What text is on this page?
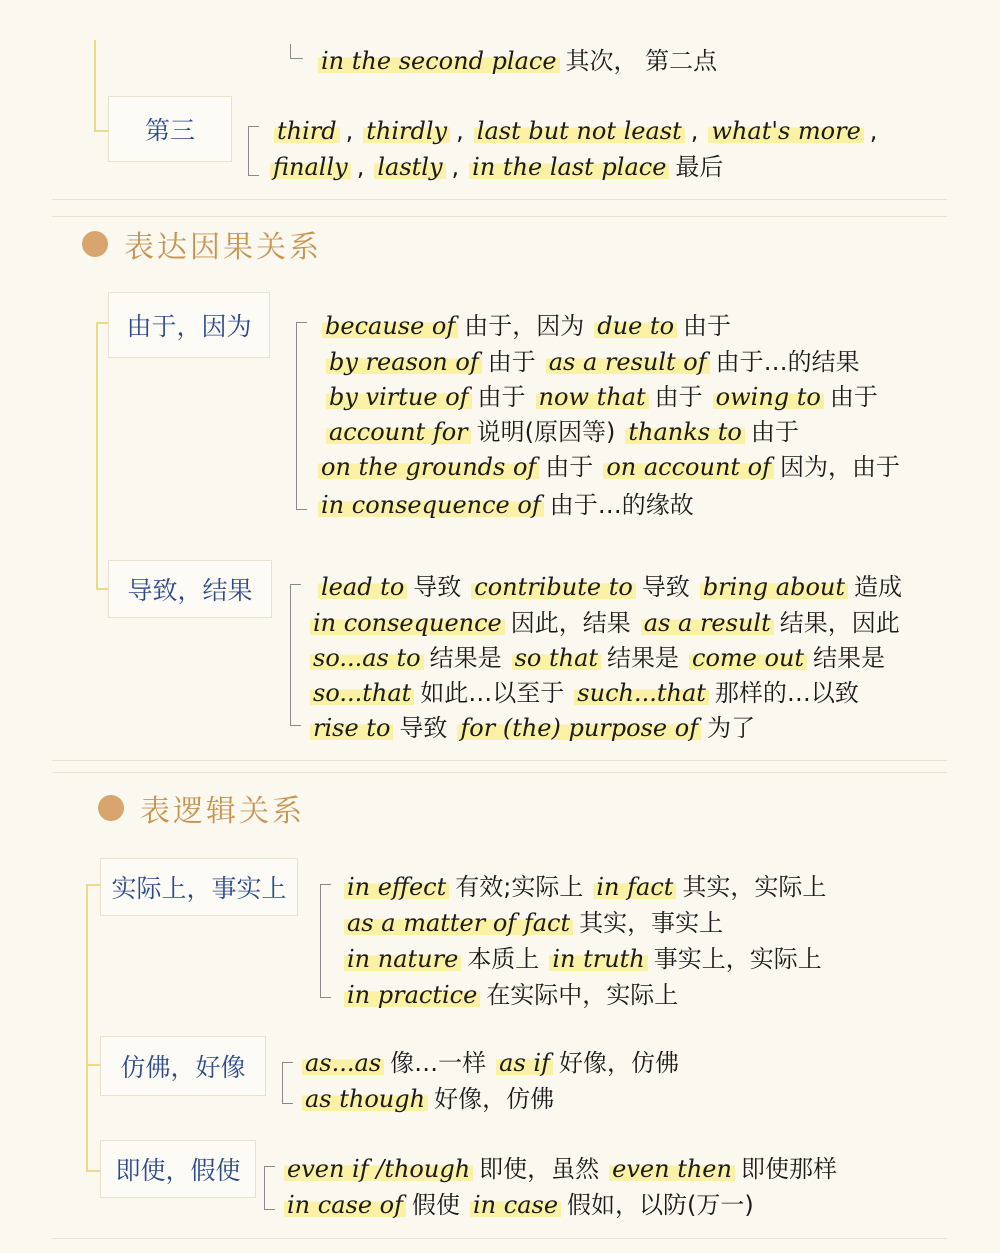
in the second place 其次， 第二点
第三	third , thirdly , last but not least , what's more ,
finally , lastly , in the last place 最后
表达因果关系
由于，因为	because of 由于，因为 due to 由于
by reason of 由于 as a result of 由于…的结果
by virtue of 由于 now that 由于 owing to 由于
account for 说明(原因等) thanks to 由于
on the grounds of 由于 on account of 因为，由于
in consequence of 由于…的缘故
导致，结果	lead to 导致 contribute to 导致 bring about 造成
in consequence 因此，结果 as a result 结果，因此
so...as to 结果是 so that 结果是 come out 结果是
so...that 如此…以至于 such...that 那样的…以致
rise to 导致 for (the) purpose of 为了
表逻辑关系
实际上，事实上	in effect 有效;实际上 in fact 其实，实际上
as a matter of fact 其实，事实上
in nature 本质上 in truth 事实上，实际上
in practice 在实际中，实际上
仿佛，好像	as...as 像…一样 as if 好像，仿佛
as though 好像，仿佛
即使，假使	even if /though 即使，虽然 even then 即使那样
in case of 假使 in case 假如，以防(万一)
